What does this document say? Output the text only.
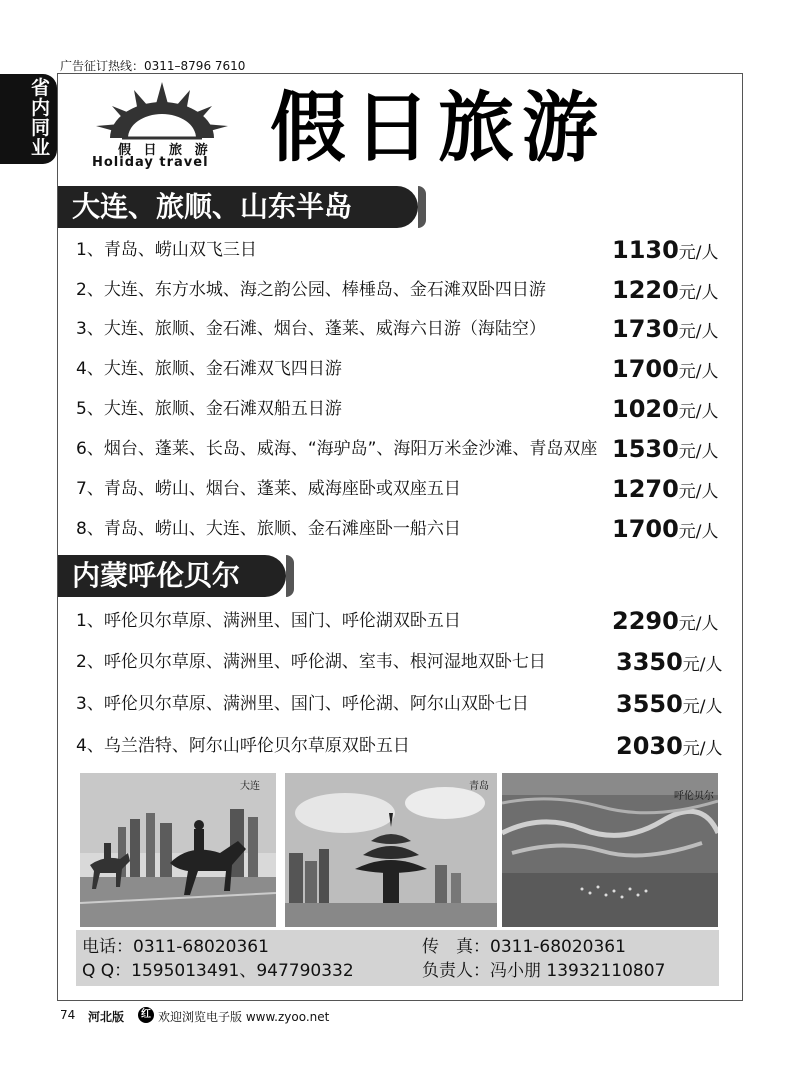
广告征订热线：0311–8796 7610
省
内
同
业	假 日 旅 游
Holiday travel 假日旅游
大连、旅顺、山东半岛
1、青岛、崂山双飞三日	1130元/人
2、大连、东方水城、海之韵公园、棒棰岛、金石滩双卧四日游	1220元/人
3、大连、旅顺、金石滩、烟台、蓬莱、威海六日游（海陆空）	1730元/人
4、大连、旅顺、金石滩双飞四日游	1700元/人
5、大连、旅顺、金石滩双船五日游	1020元/人
6、烟台、蓬莱、长岛、威海、“海驴岛”、海阳万米金沙滩、青岛双座 1530元/人
7、青岛、崂山、烟台、蓬莱、威海座卧或双座五日	1270元/人
8、青岛、崂山、大连、旅顺、金石滩座卧一船六日	1700元/人
内蒙呼伦贝尔
1、呼伦贝尔草原、满洲里、国门、呼伦湖双卧五日	2290元/人
2、呼伦贝尔草原、满洲里、呼伦湖、室韦、根河湿地双卧七日	3350元/人
3、呼伦贝尔草原、满洲里、国门、呼伦湖、阿尔山双卧七日	3550元/人
4、乌兰浩特、阿尔山呼伦贝尔草原双卧五日	2030元/人
大连	青岛
呼伦贝尔
电话：0311-68020361	传　真：0311-68020361
Q Q：1595013491、947790332	负责人：冯小朋 13932110807
74 河北版	红 欢迎浏览电子版 www.zyoo.net
